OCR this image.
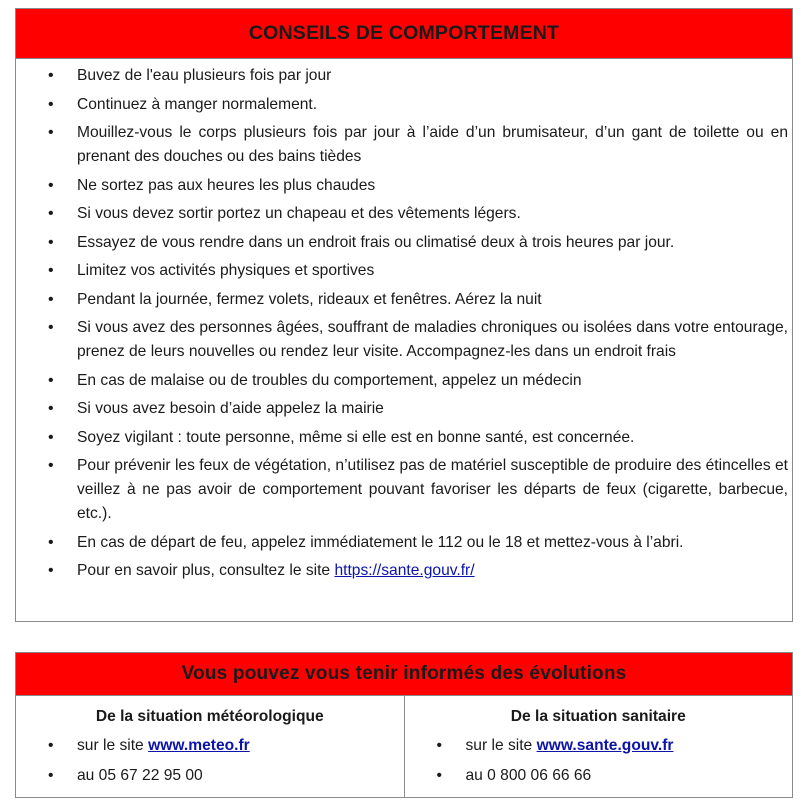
CONSEILS DE COMPORTEMENT
• Buvez de l'eau plusieurs fois par jour
• Continuez à manger normalement.
• Mouillez-vous le corps plusieurs fois par jour à l’aide d’un brumisateur, d’un gant de toilette ou en prenant des douches ou des bains tièdes
• Ne sortez pas aux heures les plus chaudes
• Si vous devez sortir portez un chapeau et des vêtements légers.
• Essayez de vous rendre dans un endroit frais ou climatisé deux à trois heures par jour.
• Limitez vos activités physiques et sportives
• Pendant la journée, fermez volets, rideaux et fenêtres. Aérez la nuit
• Si vous avez des personnes âgées, souffrant de maladies chroniques ou isolées dans votre entourage, prenez de leurs nouvelles ou rendez leur visite. Accompagnez-les dans un endroit frais
• En cas de malaise ou de troubles du comportement, appelez un médecin
• Si vous avez besoin d’aide appelez la mairie
• Soyez vigilant : toute personne, même si elle est en bonne santé, est concernée.
• Pour prévenir les feux de végétation, n’utilisez pas de matériel susceptible de produire des étincelles et veillez à ne pas avoir de comportement pouvant favoriser les départs de feux (cigarette, barbecue, etc.).
• En cas de départ de feu, appelez immédiatement le 112 ou le 18 et mettez-vous à l’abri.
• Pour en savoir plus, consultez le site https://sante.gouv.fr/
Vous pouvez vous tenir informés des évolutions
De la situation météorologique
• sur le site www.meteo.fr
• au 05 67 22 95 00
De la situation sanitaire
• sur le site www.sante.gouv.fr
• au 0 800 06 66 66
